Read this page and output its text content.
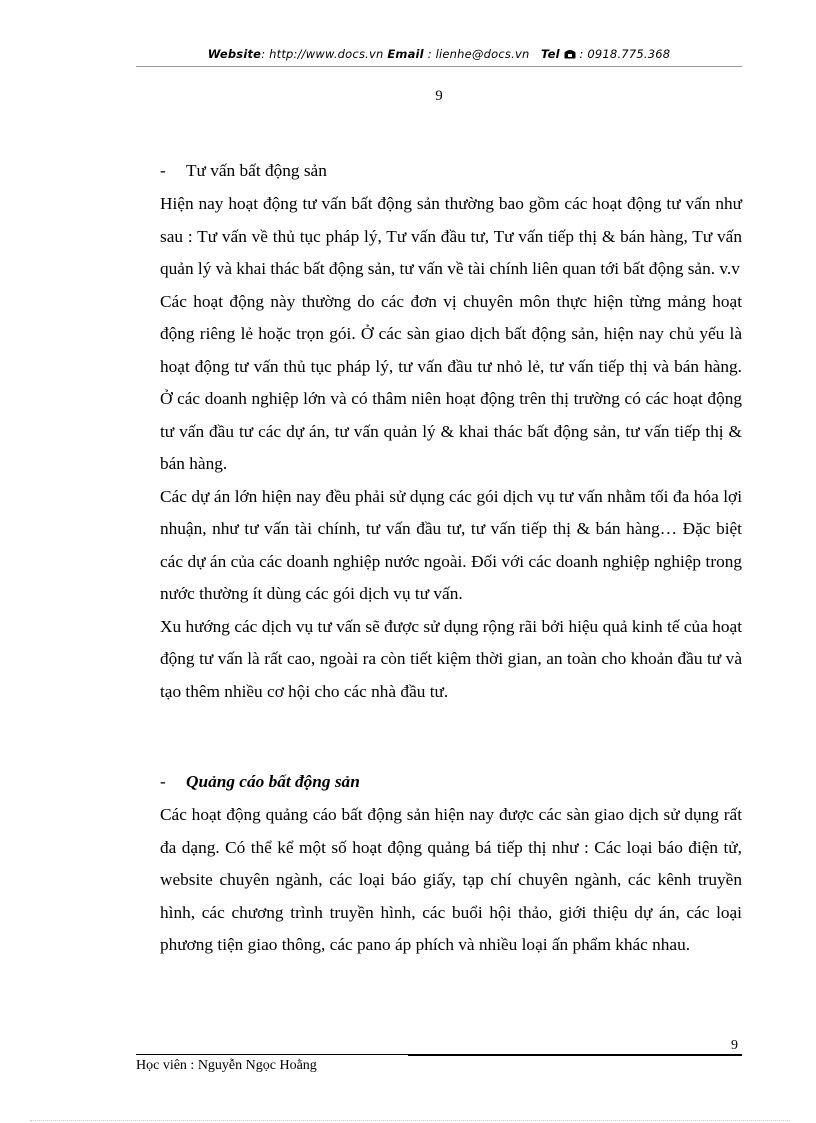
Website: http://www.docs.vn Email : lienhe@docs.vn Tel : 0918.775.368
9
- Tư vấn bất động sản

Hiện nay hoạt động tư vấn bất động sản thường bao gồm các hoạt động tư vấn như sau : Tư vấn về thủ tục pháp lý, Tư vấn đầu tư, Tư vấn tiếp thị & bán hàng, Tư vấn quản lý và khai thác bất động sản, tư vấn về tài chính liên quan tới bất động sản. v.v

Các hoạt động này thường do các đơn vị chuyên môn thực hiện từng mảng hoạt động riêng lẻ hoặc trọn gói. Ở các sàn giao dịch bất động sản, hiện nay chủ yếu là hoạt động tư vấn thủ tục pháp lý, tư vấn đầu tư nhỏ lẻ, tư vấn tiếp thị và bán hàng. Ở các doanh nghiệp lớn và có thâm niên hoạt động trên thị trường có các hoạt động tư vấn đầu tư các dự án, tư vấn quản lý & khai thác bất động sản, tư vấn tiếp thị & bán hàng.

Các dự án lớn hiện nay đều phải sử dụng các gói dịch vụ tư vấn nhằm tối đa hóa lợi nhuận, như tư vấn tài chính, tư vấn đầu tư, tư vấn tiếp thị & bán hàng… Đặc biệt các dự án của các doanh nghiệp nước ngoài. Đối với các doanh nghiệp nghiệp trong nước thường ít dùng các gói dịch vụ tư vấn.

Xu hướng các dịch vụ tư vấn sẽ được sử dụng rộng rãi bởi hiệu quả kinh tế của hoạt động tư vấn là rất cao, ngoài ra còn tiết kiệm thời gian, an toàn cho khoản đầu tư và tạo thêm nhiều cơ hội cho các nhà đầu tư.

- Quảng cáo bất động sản

Các hoạt động quảng cáo bất động sản hiện nay được các sàn giao dịch sử dụng rất đa dạng. Có thể kể một số hoạt động quảng bá tiếp thị như : Các loại báo điện tử, website chuyên ngành, các loại báo giấy, tạp chí chuyên ngành, các kênh truyền hình, các chương trình truyền hình, các buổi hội thảo, giới thiệu dự án, các loại phương tiện giao thông, các pano áp phích và nhiều loại ấn phẩm khác nhau.

9
Học viên : Nguyễn Ngọc Hoằng
